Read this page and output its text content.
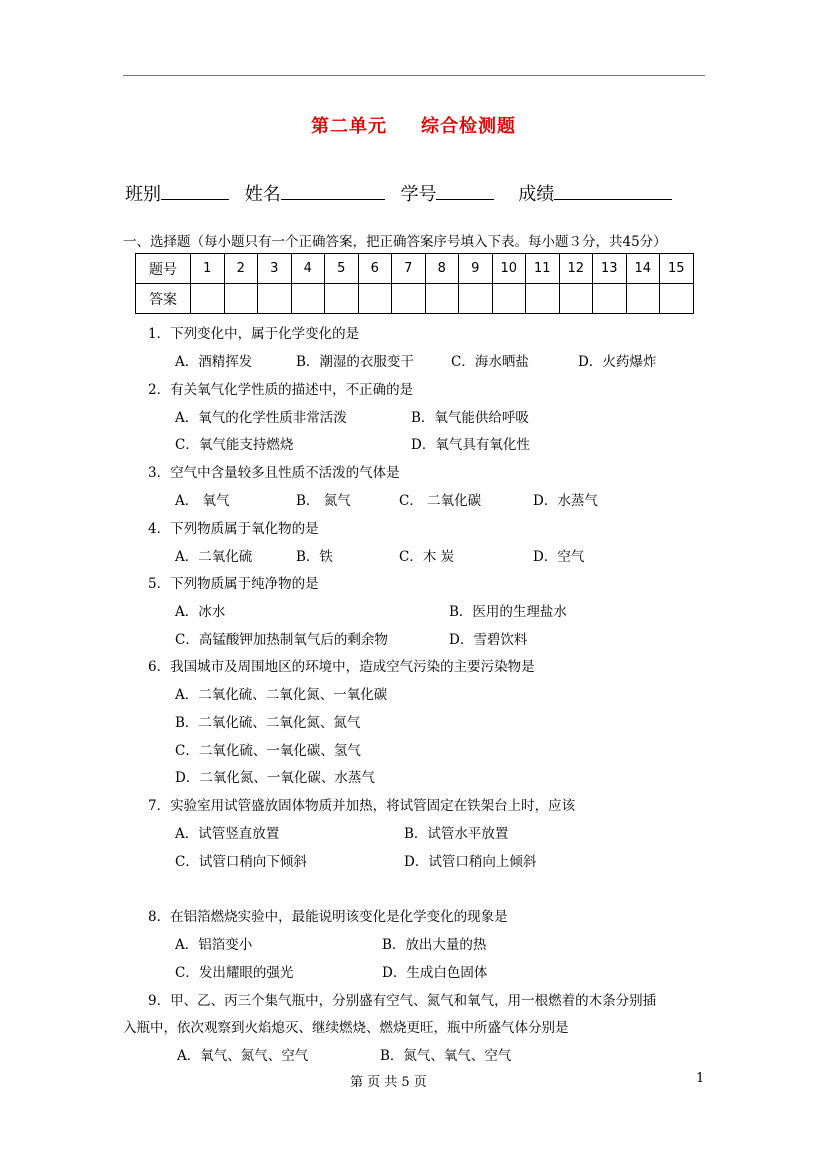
第二单元 综合检测题
班别	姓名	学号	成绩
一、选择题（每小题只有一个正确答案，把正确答案序号填入下表。每小题３分，共45分）
题号	1	2	3	4	5	6	7	8	9	10	11	12	13	14	15
答案															
1．下列变化中，属于化学变化的是
A．酒精挥发	B．潮湿的衣服变干	C．海水晒盐	D．火药爆炸
2．有关氧气化学性质的描述中，不正确的是
A．氧气的化学性质非常活泼	B．氧气能供给呼吸
C．氧气能支持燃烧	D．氧气具有氧化性
3．空气中含量较多且性质不活泼的气体是
A． 氧气	B． 氮气	C． 二氧化碳	D．水蒸气
4．下列物质属于氧化物的是
A．二氧化硫	B．铁	C．木 炭	D．空气
5．下列物质属于纯净物的是
A．冰水	B．医用的生理盐水
C．高锰酸钾加热制氧气后的剩余物	D．雪碧饮料
6．我国城市及周围地区的环境中，造成空气污染的主要污染物是
A．二氧化硫、二氧化氮、一氧化碳
B．二氧化硫、二氧化氮、氮气
C．二氧化硫、一氧化碳、氢气
D．二氧化氮、一氧化碳、水蒸气
7．实验室用试管盛放固体物质并加热，将试管固定在铁架台上时，应该
A．试管竖直放置	B．试管水平放置
C．试管口稍向下倾斜	D．试管口稍向上倾斜
8．在铝箔燃烧实验中，最能说明该变化是化学变化的现象是
A．铝箔变小	B．放出大量的热
C．发出耀眼的强光	D．生成白色固体
9．甲、乙、丙三个集气瓶中，分别盛有空气、氮气和氧气，用一根燃着的木条分别插
入瓶中，依次观察到火焰熄灭、继续燃烧、燃烧更旺，瓶中所盛气体分别是
A．氧气、氮气、空气	B．氮气、氧气、空气
第 页 共 5 页	1
